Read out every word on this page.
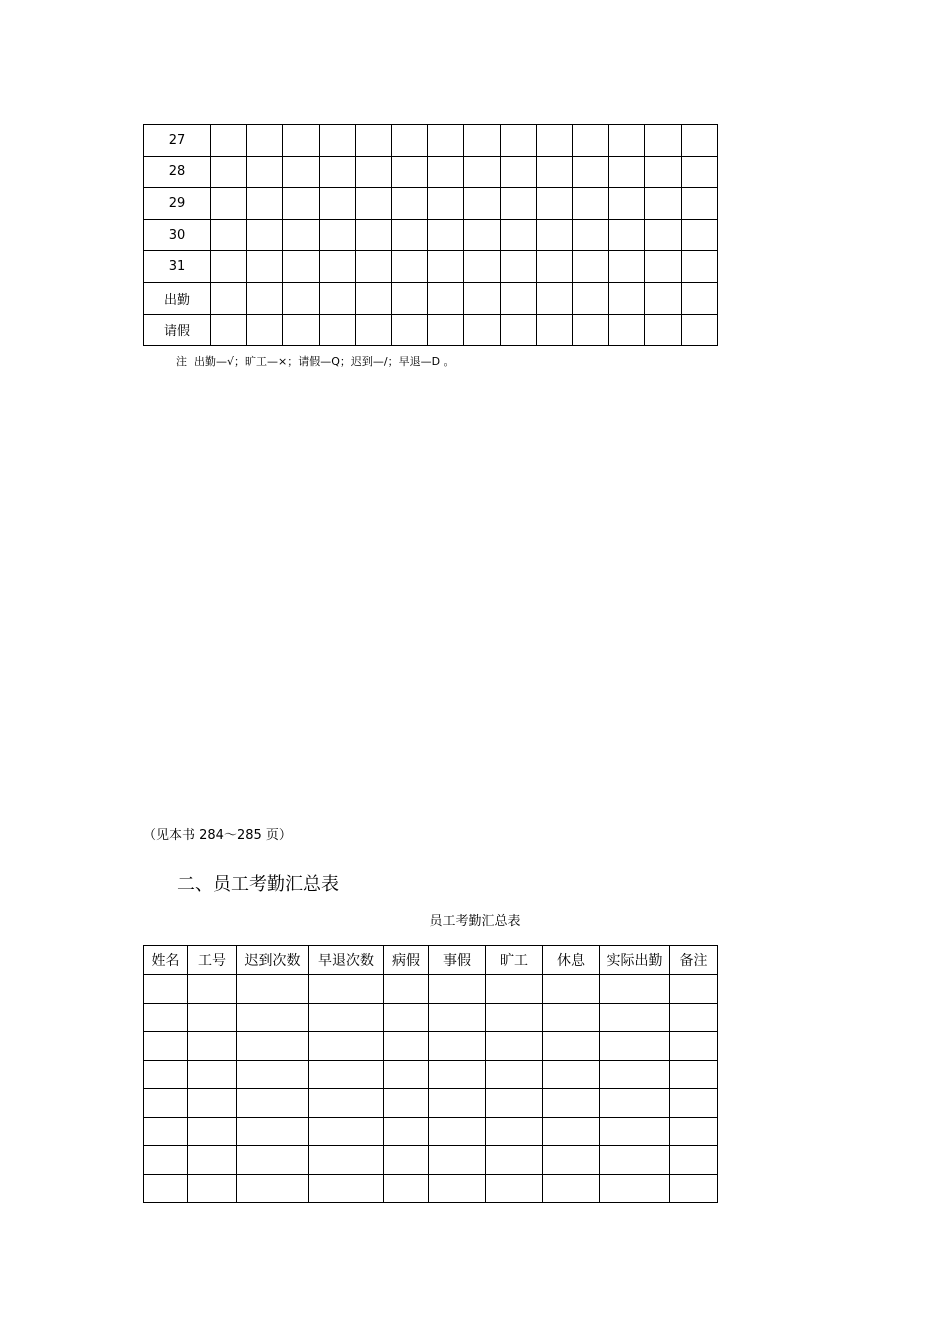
27														
28														
29														
30														
31														
出勤														
请假														
注  出勤—√；旷工—×；请假—Q；迟到—/；早退—D 。
（见本书 284～285 页）
二、员工考勤汇总表
员工考勤汇总表
姓名	工号	迟到次数	早退次数	病假	事假	旷工	休息	实际出勤	备注
